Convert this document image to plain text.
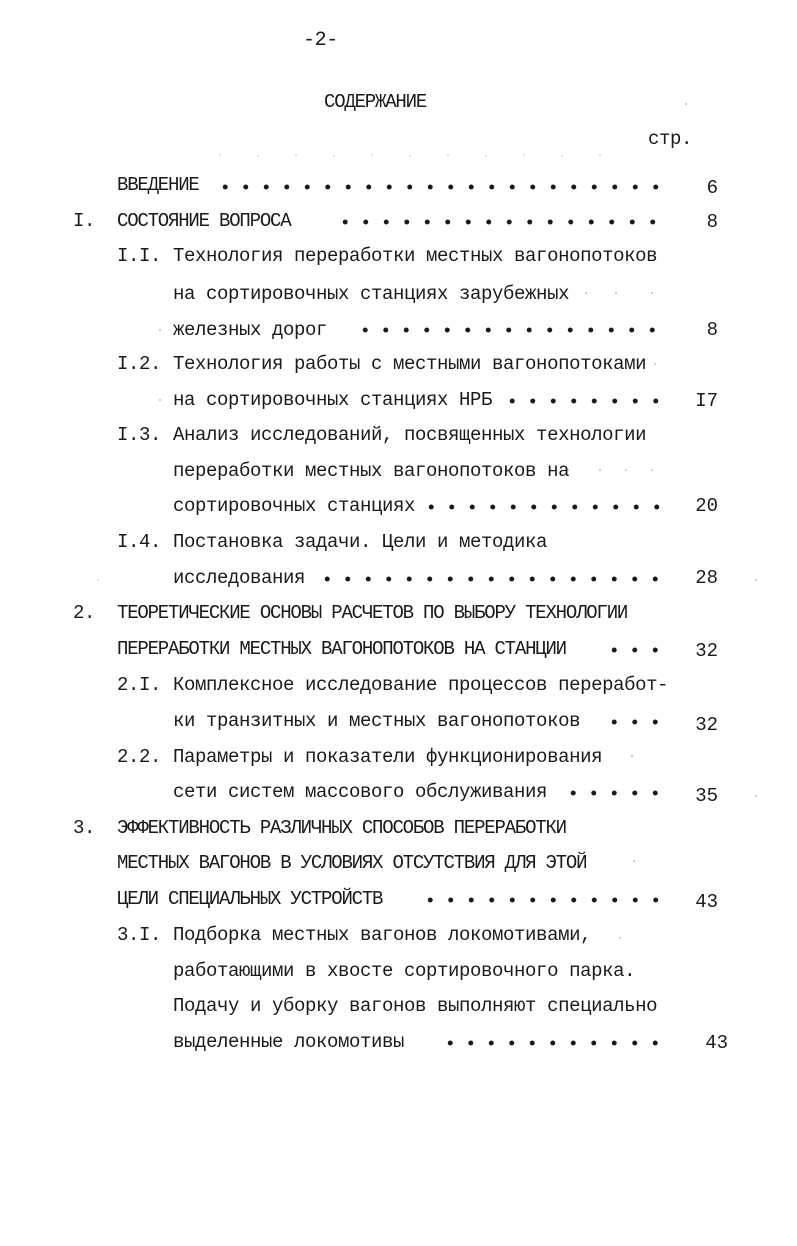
-2-
СОДЕРЖАНИЕ
стр.
ВВЕДЕНИЕ	6
I. СОСТОЯНИЕ ВОПРОСА	8
I.I. Технология переработки местных вагонопотоков
на сортировочных станциях зарубежных
железных дорог	8
I.2. Технология работы с местными вагонопотоками
на сортировочных станциях НРБ	I7
I.3. Анализ исследований, посвященных технологии
переработки местных вагонопотоков на
сортировочных станциях	20
I.4. Постановка задачи. Цели и методика
исследования	28
2. ТЕОРЕТИЧЕСКИЕ ОСНОВЫ РАСЧЕТОВ ПО ВЫБОРУ ТЕХНОЛОГИИ
ПЕРЕРАБОТКИ МЕСТНЫХ ВАГОНОПОТОКОВ НА СТАНЦИИ	32
2.I. Комплексное исследование процессов переработ-
ки транзитных и местных вагонопотоков	32
2.2. Параметры и показатели функционирования
сети систем массового обслуживания	35
3. ЭФФЕКТИВНОСТЬ РАЗЛИЧНЫХ СПОСОБОВ ПЕРЕРАБОТКИ
МЕСТНЫХ ВАГОНОВ В УСЛОВИЯХ ОТСУТСТВИЯ ДЛЯ ЭТОЙ
ЦЕЛИ СПЕЦИАЛЬНЫХ УСТРОЙСТВ	43
3.I. Подборка местных вагонов локомотивами,
работающими в хвосте сортировочного парка.
Подачу и уборку вагонов выполняют специально
выделенные локомотивы	43
